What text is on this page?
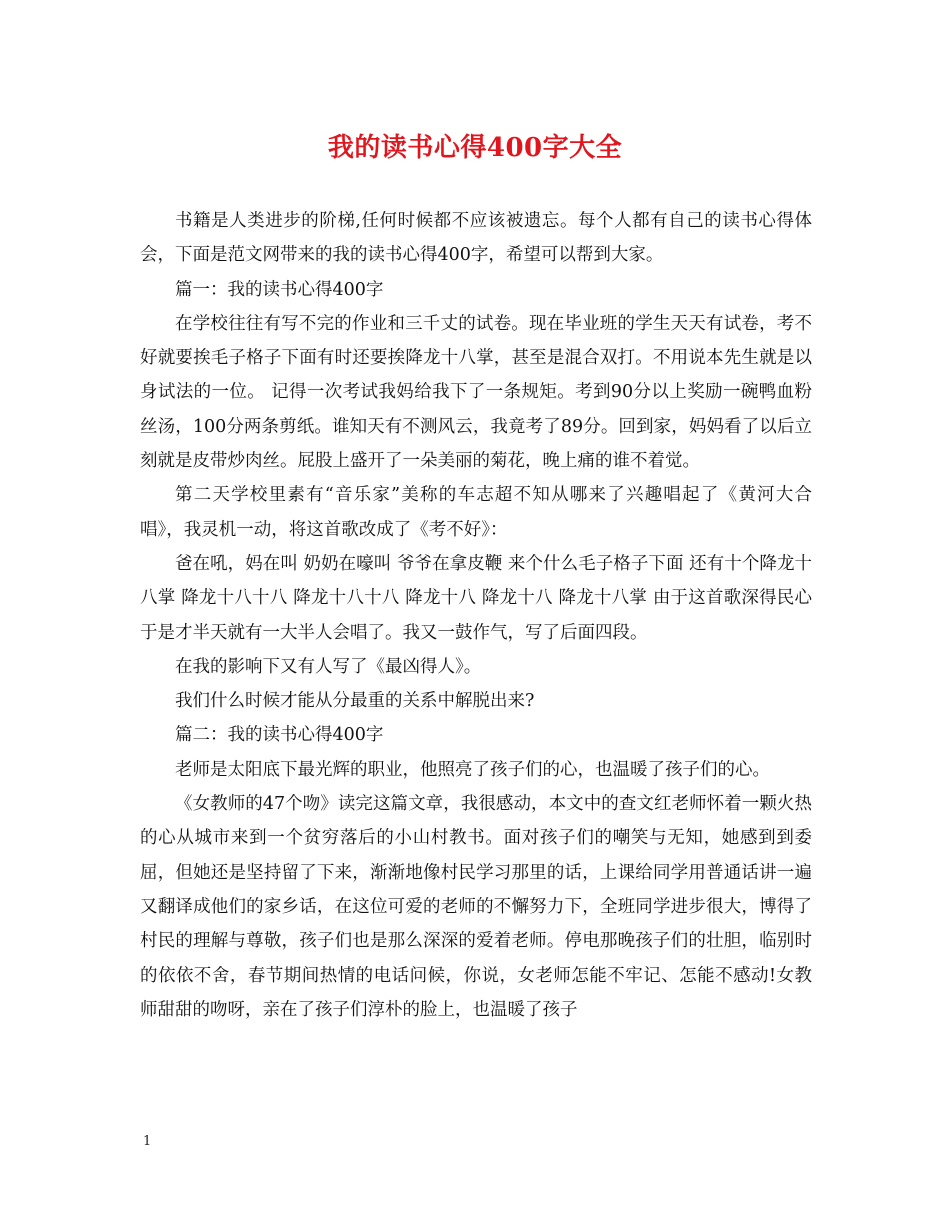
我的读书心得400字大全

书籍是人类进步的阶梯,任何时候都不应该被遗忘。每个人都有自己的读书心得体会，下面是范文网带来的我的读书心得400字，希望可以帮到大家。

篇一：我的读书心得400字

在学校往往有写不完的作业和三千丈的试卷。现在毕业班的学生天天有试卷，考不好就要挨毛子格子下面有时还要挨降龙十八掌，甚至是混合双打。不用说本先生就是以身试法的一位。 记得一次考试我妈给我下了一条规矩。考到90分以上奖励一碗鸭血粉丝汤，100分两条剪纸。谁知天有不测风云，我竟考了89分。回到家，妈妈看了以后立刻就是皮带炒肉丝。屁股上盛开了一朵美丽的菊花，晚上痛的谁不着觉。

第二天学校里素有“音乐家”美称的车志超不知从哪来了兴趣唱起了《黄河大合唱》，我灵机一动，将这首歌改成了《考不好》：

爸在吼，妈在叫 奶奶在嚎叫 爷爷在拿皮鞭 来个什么毛子格子下面 还有十个降龙十八掌 降龙十八十八 降龙十八十八 降龙十八 降龙十八 降龙十八掌 由于这首歌深得民心于是才半天就有一大半人会唱了。我又一鼓作气，写了后面四段。

在我的影响下又有人写了《最凶得人》。

我们什么时候才能从分最重的关系中解脱出来?

篇二：我的读书心得400字

老师是太阳底下最光辉的职业，他照亮了孩子们的心，也温暖了孩子们的心。

《女教师的47个吻》读完这篇文章，我很感动，本文中的查文红老师怀着一颗火热的心从城市来到一个贫穷落后的小山村教书。面对孩子们的嘲笑与无知，她感到到委屈，但她还是坚持留了下来，渐渐地像村民学习那里的话，上课给同学用普通话讲一遍又翻译成他们的家乡话，在这位可爱的老师的不懈努力下，全班同学进步很大，博得了村民的理解与尊敬，孩子们也是那么深深的爱着老师。停电那晚孩子们的壮胆，临别时的依依不舍，春节期间热情的电话问候，你说，女老师怎能不牢记、怎能不感动!女教师甜甜的吻呀，亲在了孩子们淳朴的脸上，也温暖了孩子

1
